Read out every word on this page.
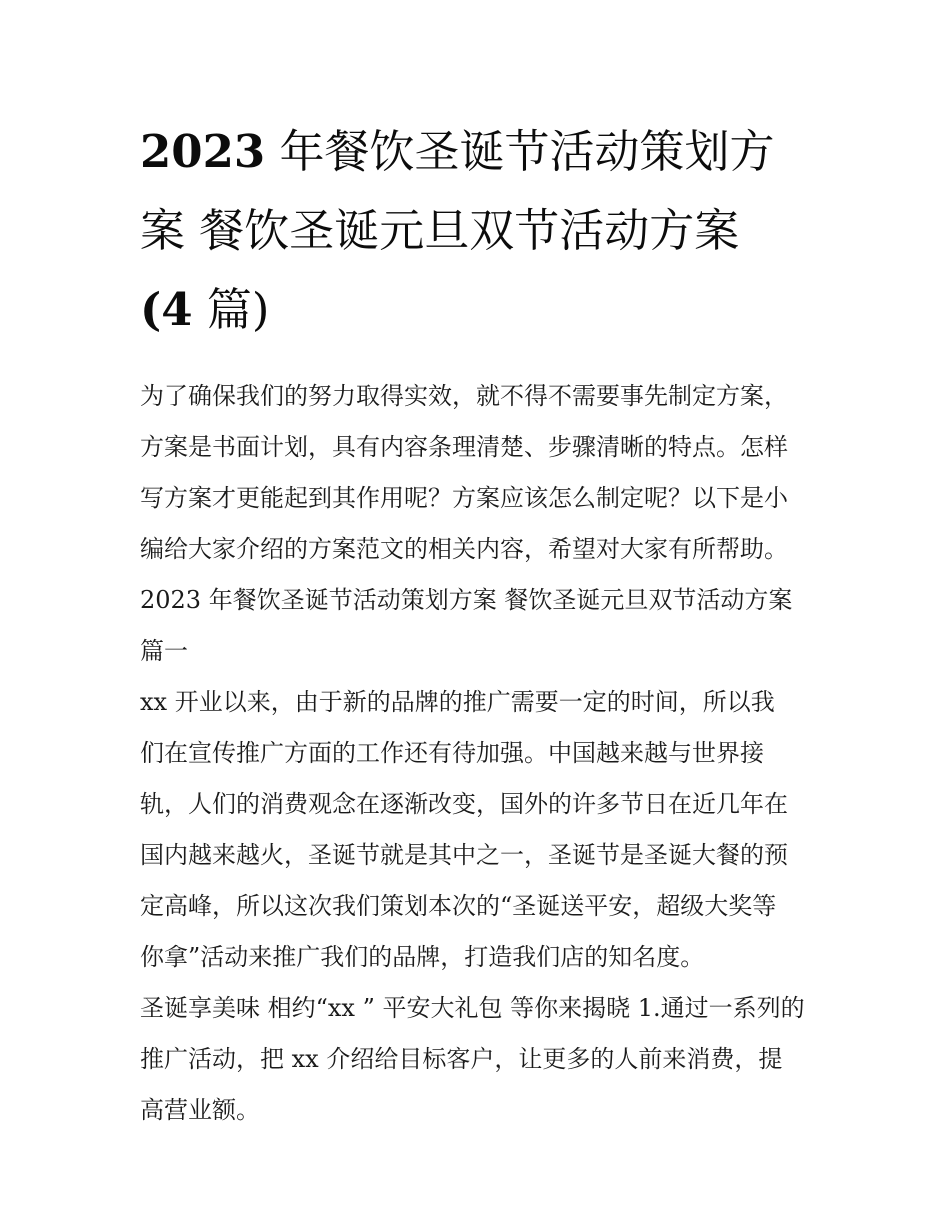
2023 年餐饮圣诞节活动策划方
案 餐饮圣诞元旦双节活动方案
(4 篇)

为了确保我们的努力取得实效，就不得不需要事先制定方案，
方案是书面计划，具有内容条理清楚、步骤清晰的特点。怎样
写方案才更能起到其作用呢？方案应该怎么制定呢？以下是小
编给大家介绍的方案范文的相关内容，希望对大家有所帮助。

2023 年餐饮圣诞节活动策划方案 餐饮圣诞元旦双节活动方案
篇一

xx 开业以来，由于新的品牌的推广需要一定的时间，所以我
们在宣传推广方面的工作还有待加强。中国越来越与世界接
轨，人们的消费观念在逐渐改变，国外的许多节日在近几年在
国内越来越火，圣诞节就是其中之一，圣诞节是圣诞大餐的预
定高峰，所以这次我们策划本次的“圣诞送平安，超级大奖等
你拿”活动来推广我们的品牌，打造我们店的知名度。

圣诞享美味 相约“xx ” 平安大礼包 等你来揭晓 1.通过一系列的
推广活动，把 xx 介绍给目标客户，让更多的人前来消费，提
高营业额。
